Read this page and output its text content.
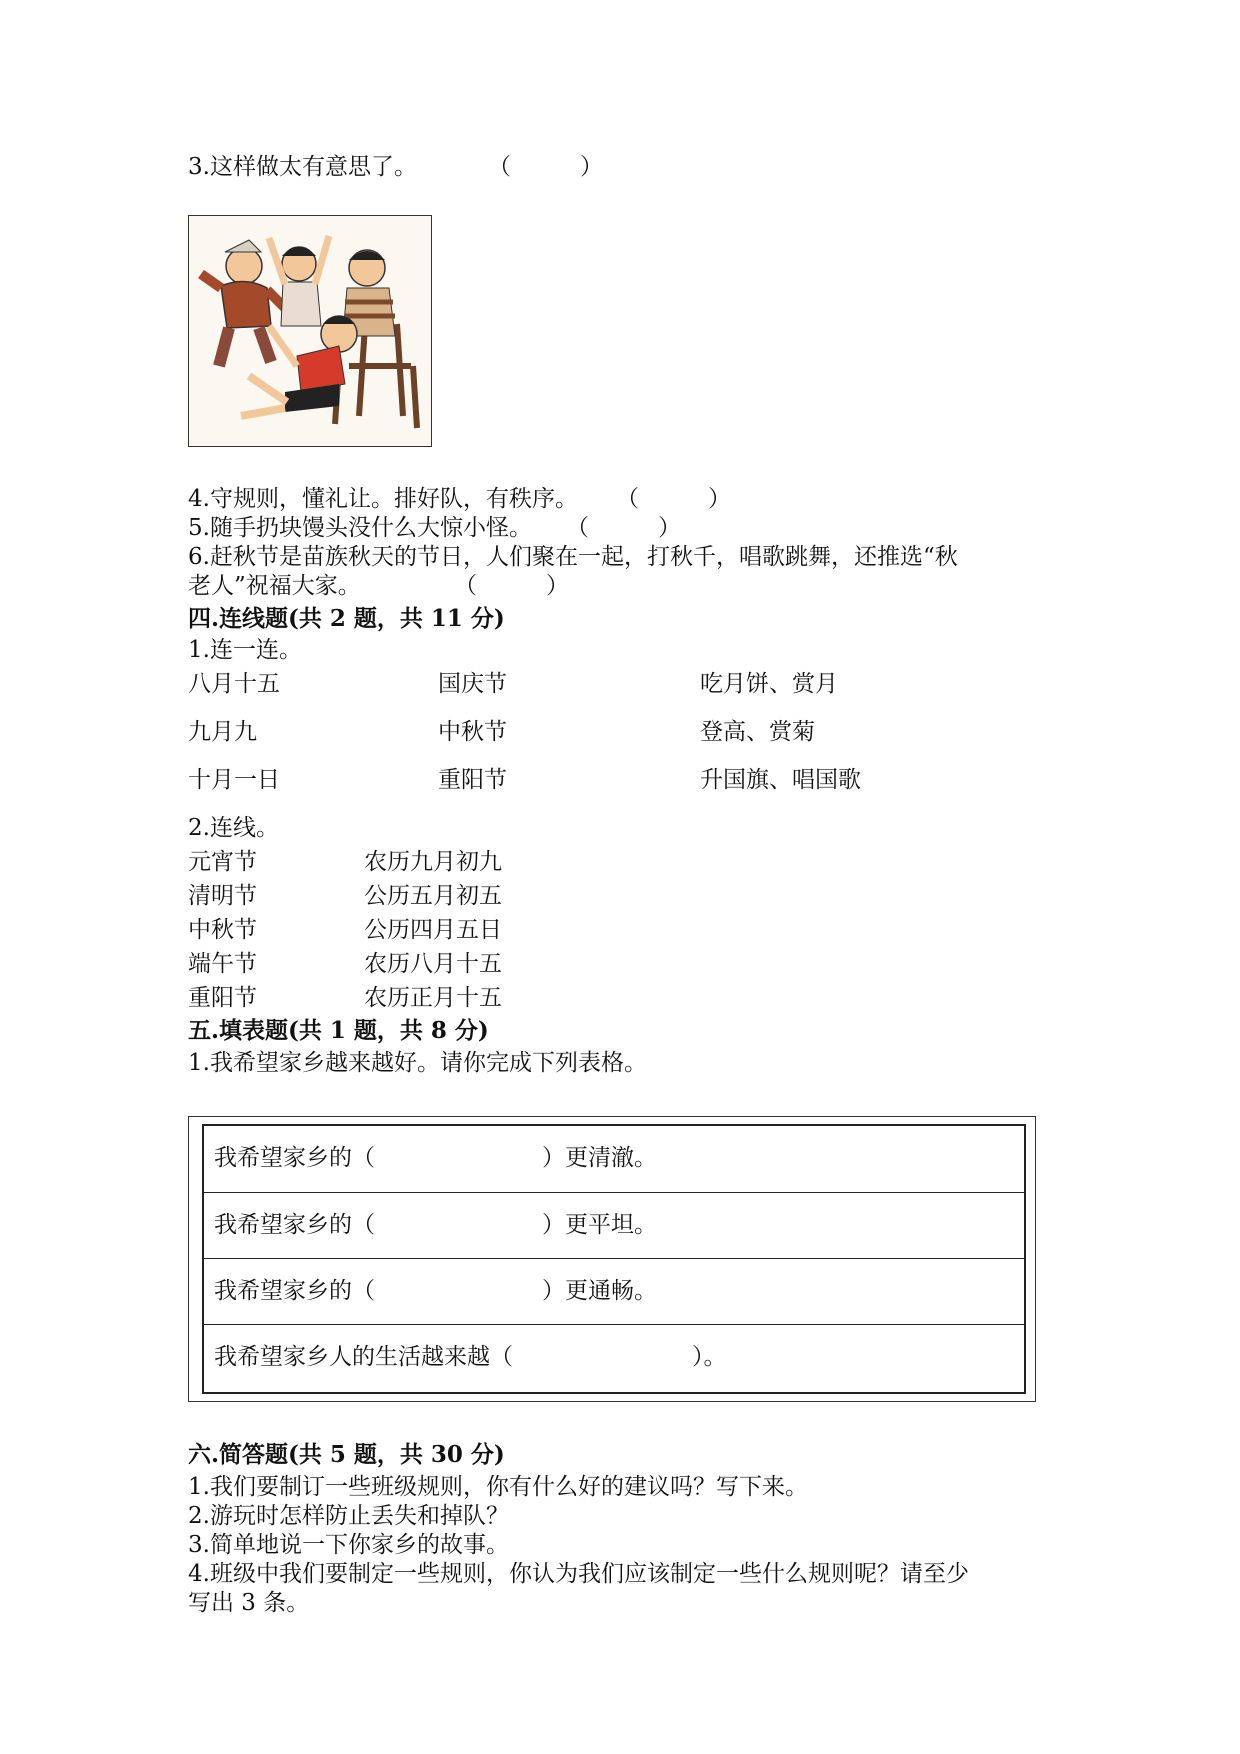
3.这样做太有意思了。	（　　　）
4.守规则，懂礼让。排好队，有秩序。 （　　　）
5.随手扔块馒头没什么大惊小怪。 （　　　）
6.赶秋节是苗族秋天的节日，人们聚在一起，打秋千，唱歌跳舞，还推选“秋
老人”祝福大家。	（　　　）
四.连线题(共 2 题，共 11 分)
1.连一连。
八月十五	国庆节	吃月饼、赏月
九月九	中秋节	登高、赏菊
十月一日	重阳节	升国旗、唱国歌
2.连线。
元宵节	农历九月初九
清明节	公历五月初五
中秋节	公历四月五日
端午节	农历八月十五
重阳节	农历正月十五
五.填表题(共 1 题，共 8 分)
1.我希望家乡越来越好。请你完成下列表格。
我希望家乡的（	）更清澈。
我希望家乡的（	）更平坦。
我希望家乡的（	）更通畅。
我希望家乡人的生活越来越（	）。
六.简答题(共 5 题，共 30 分)
1.我们要制订一些班级规则，你有什么好的建议吗？写下来。
2.游玩时怎样防止丢失和掉队？
3.简单地说一下你家乡的故事。
4.班级中我们要制定一些规则，你认为我们应该制定一些什么规则呢？请至少
写出 3 条。
